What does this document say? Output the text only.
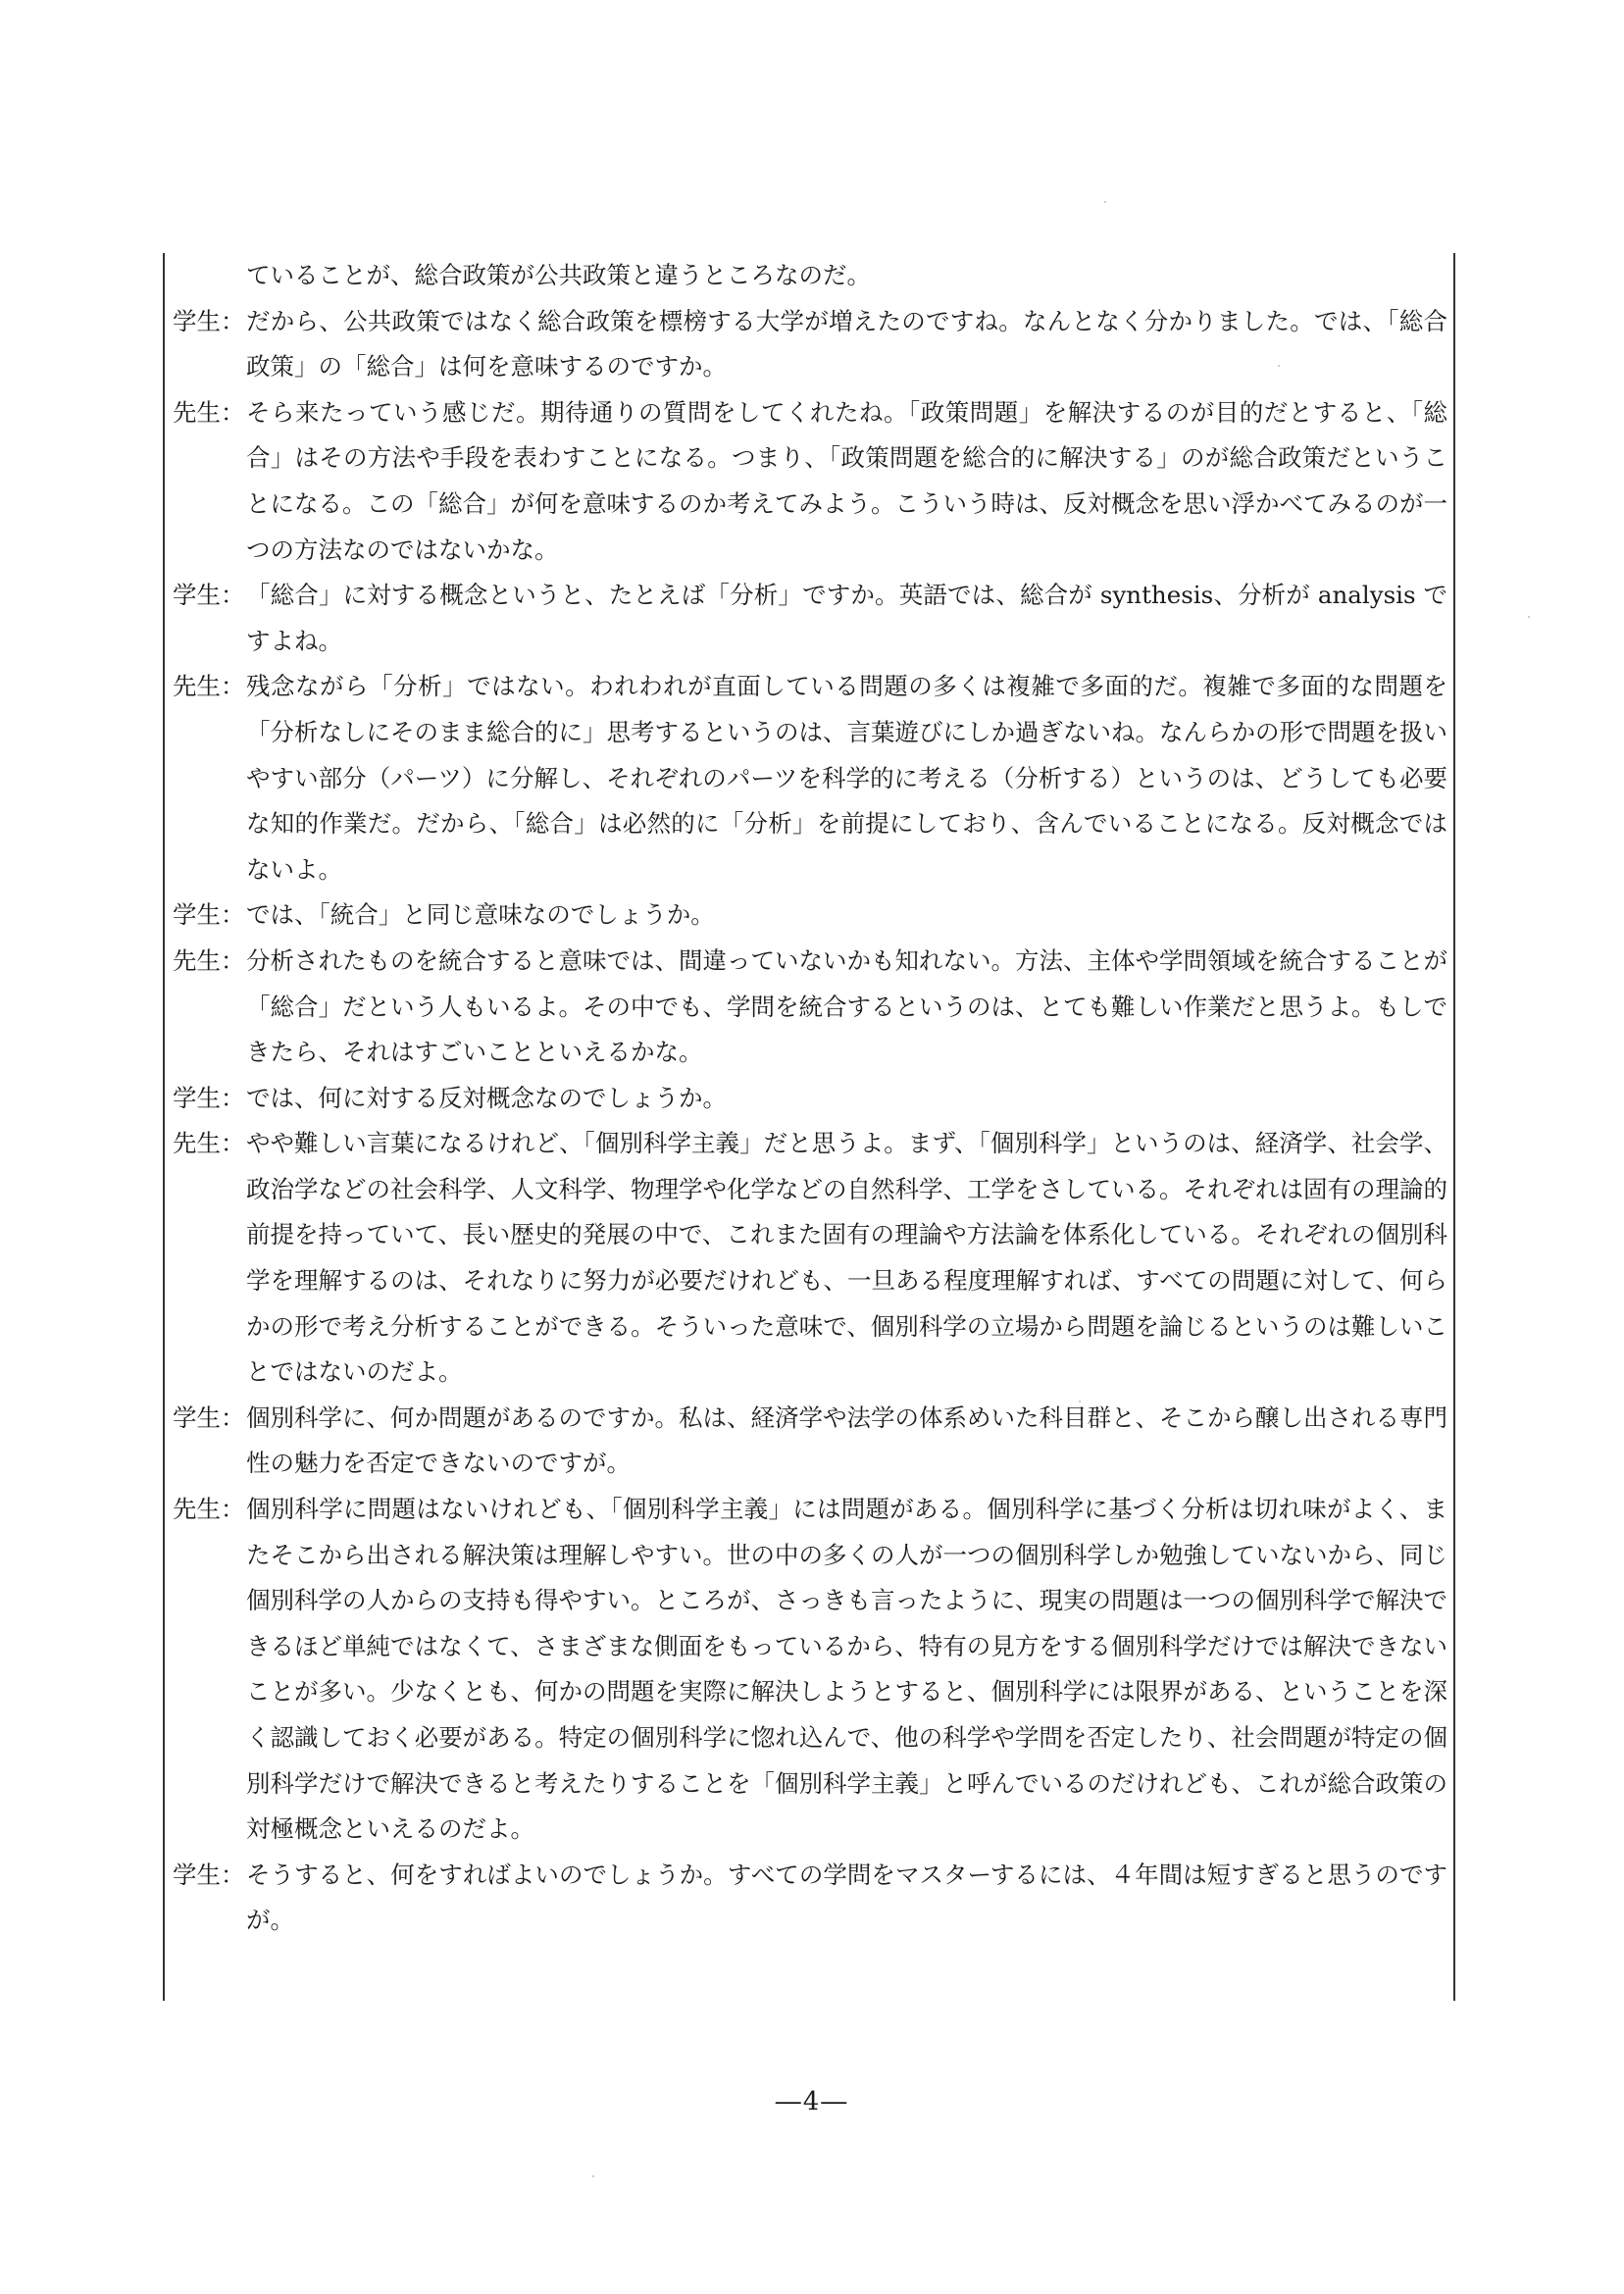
ていることが、総合政策が公共政策と違うところなのだ。
学生： だから、公共政策ではなく総合政策を標榜する大学が増えたのですね。なんとなく分かりました。では、「総合政策」の「総合」は何を意味するのですか。
先生： そら来たっていう感じだ。期待通りの質問をしてくれたね。「政策問題」を解決するのが目的だとすると、「総合」はその方法や手段を表わすことになる。つまり、「政策問題を総合的に解決する」のが総合政策だということになる。この「総合」が何を意味するのか考えてみよう。こういう時は、反対概念を思い浮かべてみるのが一つの方法なのではないかな。
学生： 「総合」に対する概念というと、たとえば「分析」ですか。英語では、総合が synthesis、分析が analysis ですよね。
先生： 残念ながら「分析」ではない。われわれが直面している問題の多くは複雑で多面的だ。複雑で多面的な問題を「分析なしにそのまま総合的に」思考するというのは、言葉遊びにしか過ぎないね。なんらかの形で問題を扱いやすい部分（パーツ）に分解し、それぞれのパーツを科学的に考える（分析する）というのは、どうしても必要な知的作業だ。だから、「総合」は必然的に「分析」を前提にしており、含んでいることになる。反対概念ではないよ。
学生： では、「統合」と同じ意味なのでしょうか。
先生： 分析されたものを統合すると意味では、間違っていないかも知れない。方法、主体や学問領域を統合することが「総合」だという人もいるよ。その中でも、学問を統合するというのは、とても難しい作業だと思うよ。もしできたら、それはすごいことといえるかな。
学生： では、何に対する反対概念なのでしょうか。
先生： やや難しい言葉になるけれど、「個別科学主義」だと思うよ。まず、「個別科学」というのは、経済学、社会学、政治学などの社会科学、人文科学、物理学や化学などの自然科学、工学をさしている。それぞれは固有の理論的前提を持っていて、長い歴史的発展の中で、これまた固有の理論や方法論を体系化している。それぞれの個別科学を理解するのは、それなりに努力が必要だけれども、一旦ある程度理解すれば、すべての問題に対して、何らかの形で考え分析することができる。そういった意味で、個別科学の立場から問題を論じるというのは難しいことではないのだよ。
学生： 個別科学に、何か問題があるのですか。私は、経済学や法学の体系めいた科目群と、そこから醸し出される専門性の魅力を否定できないのですが。
先生： 個別科学に問題はないけれども、「個別科学主義」には問題がある。個別科学に基づく分析は切れ味がよく、またそこから出される解決策は理解しやすい。世の中の多くの人が一つの個別科学しか勉強していないから、同じ個別科学の人からの支持も得やすい。ところが、さっきも言ったように、現実の問題は一つの個別科学で解決できるほど単純ではなくて、さまざまな側面をもっているから、特有の見方をする個別科学だけでは解決できないことが多い。少なくとも、何かの問題を実際に解決しようとすると、個別科学には限界がある、ということを深く認識しておく必要がある。特定の個別科学に惚れ込んで、他の科学や学問を否定したり、社会問題が特定の個別科学だけで解決できると考えたりすることを「個別科学主義」と呼んでいるのだけれども、これが総合政策の対極概念といえるのだよ。
学生： そうすると、何をすればよいのでしょうか。すべての学問をマスターするには、４年間は短すぎると思うのですが。
―4―
